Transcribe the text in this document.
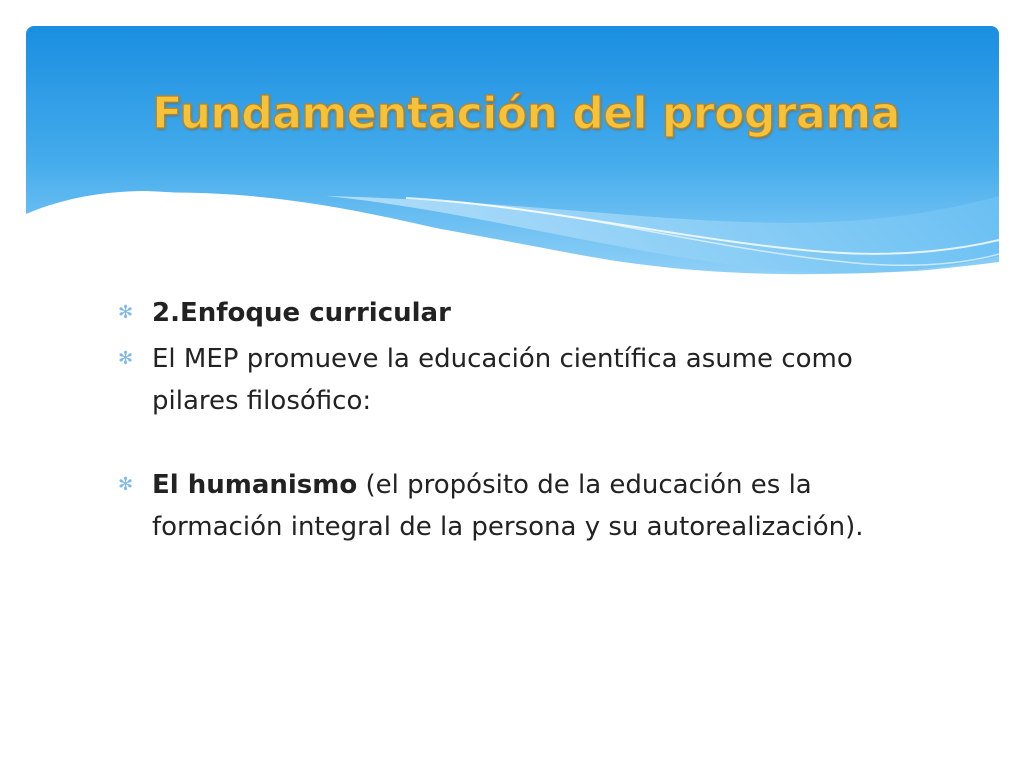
Fundamentación del programa
✻ 2.Enfoque curricular
✻ El MEP promueve la educación científica asume como pilares filosófico:
✻ El humanismo (el propósito de la educación es la formación integral de la persona y su autorealización).
